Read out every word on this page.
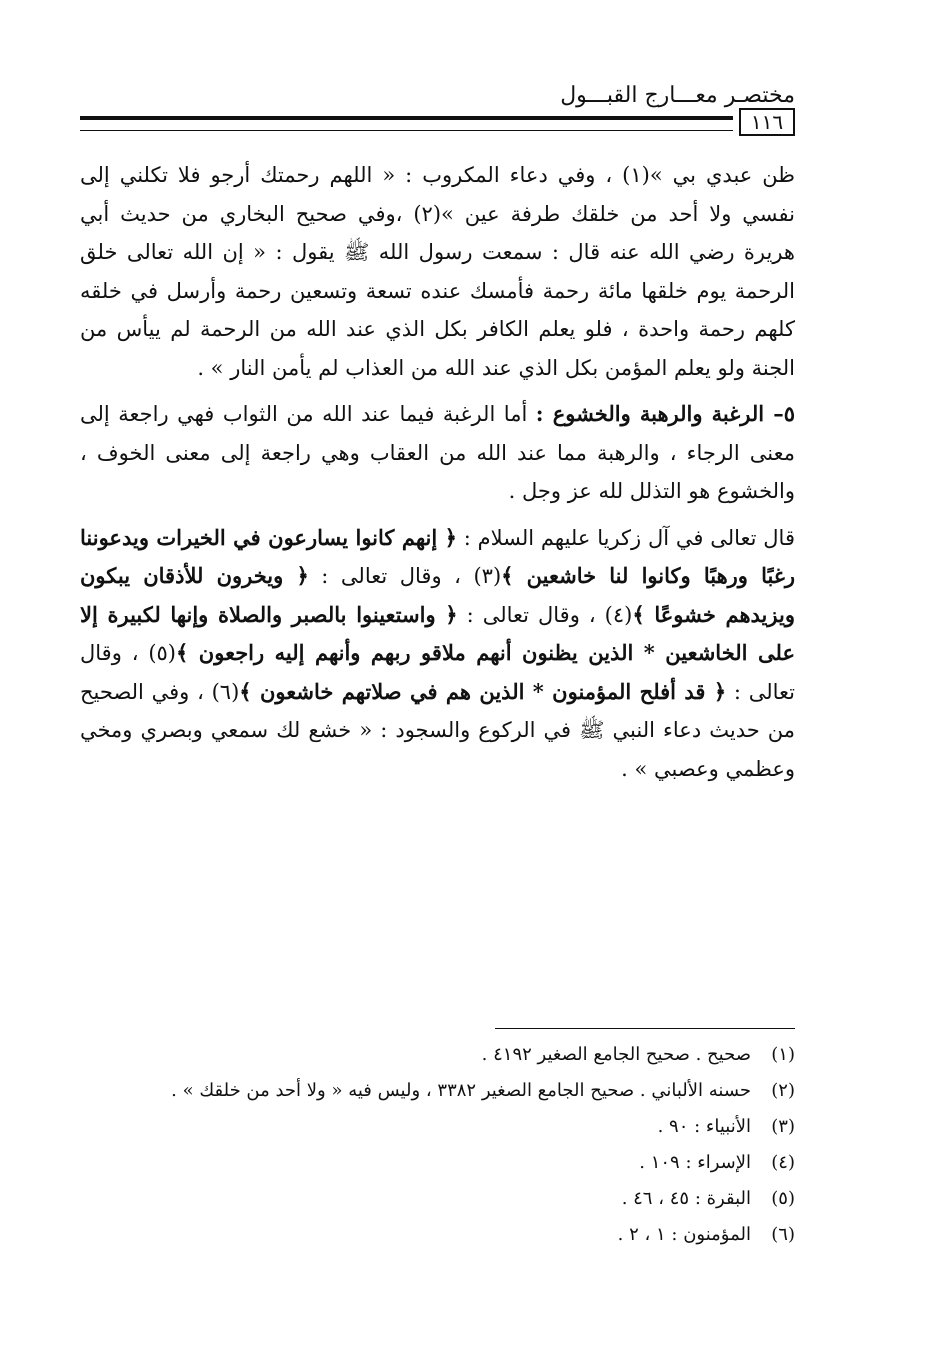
مختصـر معـــارج القبـــول
١١٦

ظن عبدي بي »(١) ، وفي دعاء المكروب : « اللهم رحمتك أرجو فلا تكلني إلى نفسي ولا أحد من خلقك طرفة عين »(٢) ،وفي صحيح البخاري من حديث أبي هريرة رضي الله عنه قال : سمعت رسول الله ﷺ يقول : « إن الله تعالى خلق الرحمة يوم خلقها مائة رحمة فأمسك عنده تسعة وتسعين رحمة وأرسل في خلقه كلهم رحمة واحدة ، فلو يعلم الكافر بكل الذي عند الله من الرحمة لم ييأس من الجنة ولو يعلم المؤمن بكل الذي عند الله من العذاب لم يأمن النار » .

٥– الرغبة والرهبة والخشوع : أما الرغبة فيما عند الله من الثواب فهي راجعة إلى معنى الرجاء ، والرهبة مما عند الله من العقاب وهي راجعة إلى معنى الخوف ، والخشوع هو التذلل لله عز وجل .

قال تعالى في آل زكريا عليهم السلام : ﴿ إنهم كانوا يسارعون في الخيرات ويدعوننا رغبًا ورهبًا وكانوا لنا خاشعين ﴾(٣) ، وقال تعالى : ﴿ ويخرون للأذقان يبكون ويزيدهم خشوعًا ﴾(٤) ، وقال تعالى : ﴿ واستعينوا بالصبر والصلاة وإنها لكبيرة إلا على الخاشعين * الذين يظنون أنهم ملاقو ربهم وأنهم إليه راجعون ﴾(٥) ، وقال تعالى : ﴿ قد أفلح المؤمنون * الذين هم في صلاتهم خاشعون ﴾(٦) ، وفي الصحيح من حديث دعاء النبي ﷺ في الركوع والسجود : « خشع لك سمعي وبصري ومخي وعظمي وعصبي » .

(١)
صحيح . صحيح الجامع الصغير ٤١٩٢ .
(٢)
حسنه الألباني . صحيح الجامع الصغير ٣٣٨٢ ، وليس فيه « ولا أحد من خلقك » .
(٣)
الأنبياء : ٩٠ .
(٤)
الإسراء : ١٠٩ .
(٥)
البقرة : ٤٥ ، ٤٦ .
(٦)
المؤمنون : ١ ، ٢ .
